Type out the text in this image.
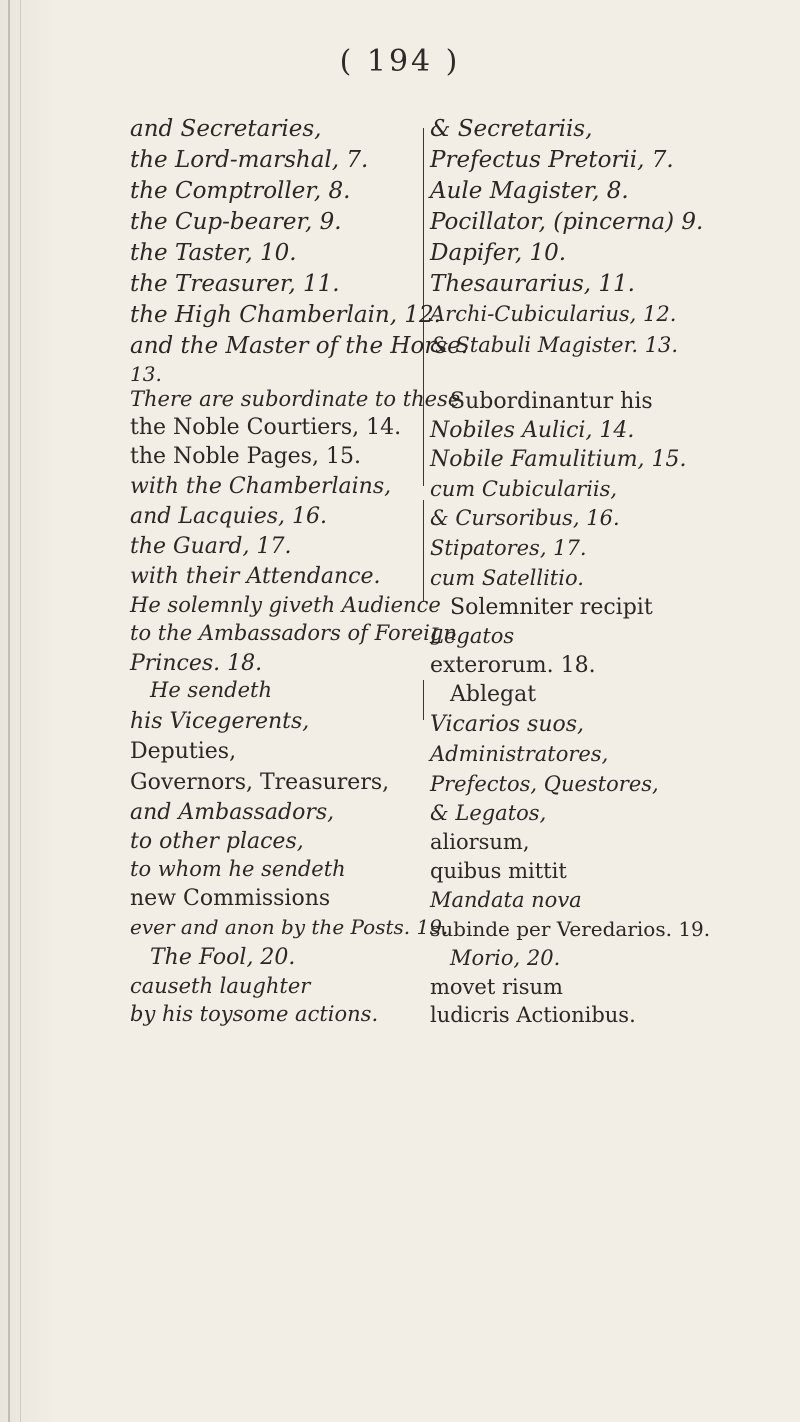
( 194 )
and Secretaries,
the Lord-marshal, 7.
the Comptroller, 8.
the Cup-bearer, 9.
the Taster, 10.
the Treasurer, 11.
the High Chamberlain, 12.
and the Master of the Horse.
13.
There are subordinate to these
the Noble Courtiers, 14.
the Noble Pages, 15.
with the Chamberlains,
and Lacquies, 16.
the Guard, 17.
with their Attendance.
He solemnly giveth Audience
to the Ambassadors of Foreign
Princes. 18.
He sendeth
his Vicegerents,
Deputies,
Governors, Treasurers,
and Ambassadors,
to other places,
to whom he sendeth
new Commissions
ever and anon by the Posts. 19.
The Fool, 20.
causeth laughter
by his toysome actions.
& Secretariis,
Prefectus Pretorii, 7.
Aule Magister, 8.
Pocillator, (pincerna) 9.
Dapifer, 10.
Thesaurarius, 11.
Archi-Cubicularius, 12.
& Stabuli Magister. 13.
Subordinantur his
Nobiles Aulici, 14.
Nobile Famulitium, 15.
cum Cubiculariis,
& Cursoribus, 16.
Stipatores, 17.
cum Satellitio.
Solemniter recipit
Legatos
exterorum. 18.
Ablegat
Vicarios suos,
Administratores,
Prefectos, Questores,
& Legatos,
aliorsum,
quibus mittit
Mandata nova
subinde per Veredarios. 19.
Morio, 20.
movet risum
ludicris Actionibus.
